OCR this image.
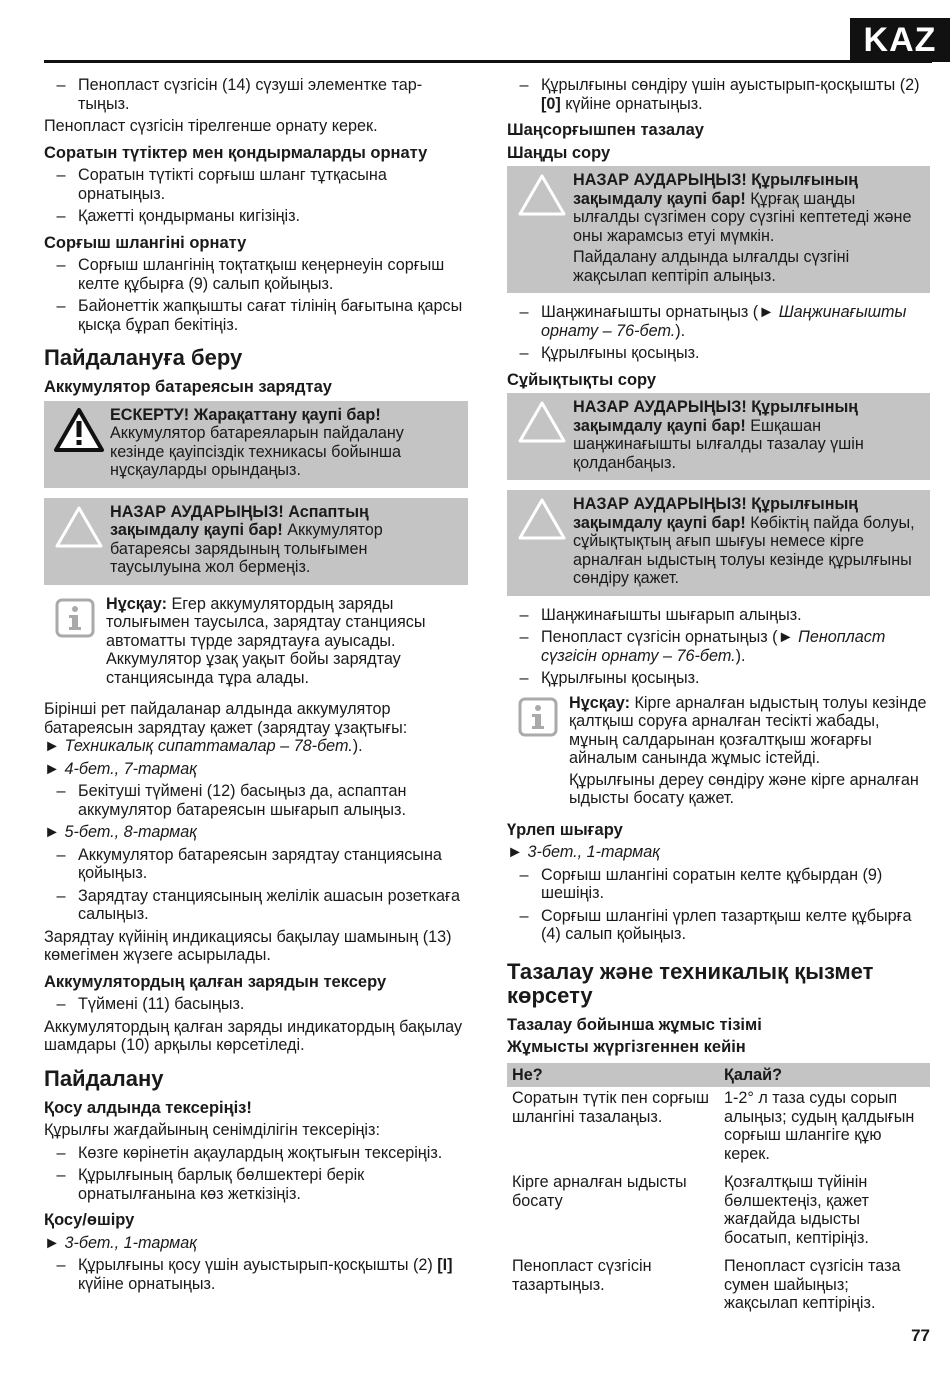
KAZ
– Пенопласт сүзгісін (14) сүзуші элементке тар-тыңыз.

Пенопласт сүзгісін тірелгенше орнату керек.

Соратын түтіктер мен қондырмаларды орнату
– Соратын түтікті сорғыш шланг тұтқасына орнатыңыз.
– Қажетті қондырманы кигізіңіз.
Сорғыш шлангіні орнату
– Сорғыш шлангінің тоқтатқыш кеңернеуін сорғыш келте құбырға (9) салып қойыңыз.
– Байонеттік жапқышты сағат тілінің бағытына қарсы қысқа бұрап бекітіңіз.
Пайдалануға беру
Аккумулятор батареясын зарядтау

ЕСКЕРТУ! Жарақаттану қаупі бар! Аккумулятор батареяларын пайдалану кезінде қауіпсіздік техникасы бойынша нұсқауларды орындаңыз.

НАЗАР АУДАРЫҢЫЗ! Аспаптың зақымдалу қаупі бар! Аккумулятор батареясы зарядының толығымен таусылуына жол бермеңіз.

Нұсқау: Егер аккумулятордың заряды толығымен таусылса, зарядтау станциясы автоматты түрде зарядтауға ауысады. Аккумулятор ұзақ уақыт бойы зарядтау станциясында тұра алады.

Бірінші рет пайдаланар алдында аккумулятор батареясын зарядтау қажет (зарядтау ұзақтығы:
► Техникалық сипаттамалар – 78-бет.).

► 4-бет., 7-тармақ
– Бекітуші түймені (12) басыңыз да, аспаптан аккумулятор батареясын шығарып алыңыз.
► 5-бет., 8-тармақ
– Аккумулятор батареясын зарядтау станциясына қойыңыз.
– Зарядтау станциясының желілік ашасын розеткаға салыңыз.

Зарядтау күйінің индикациясы бақылау шамының (13) көмегімен жүзеге асырылады.

Аккумулятордың қалған зарядын тексеру
– Түймені (11) басыңыз.

Аккумулятордың қалған заряды индикатордың бақылау шамдары (10) арқылы көрсетіледі.

Пайдалану
Қосу алдында тексеріңіз!

Құрылғы жағдайының сенімділігін тексеріңіз:

– Көзге көрінетін ақаулардың жоқтығын тексеріңіз.
– Құрылғының барлық бөлшектері берік орнатылғанына көз жеткізіңіз.
Қосу/өшіру
► 3-бет., 1-тармақ
– Құрылғыны қосу үшін ауыстырып-қосқышты (2) [I] күйіне орнатыңыз.
– Құрылғыны сөндіру үшін ауыстырып-қосқышты (2) [0] күйіне орнатыңыз.
Шаңсорғышпен тазалау
Шаңды сору

НАЗАР АУДАРЫҢЫЗ! Құрылғының зақымдалу қаупі бар! Құрғақ шаңды ылғалды сүзгімен сору сүзгіні кептетеді және оны жарамсыз етуі мүмкін.

Пайдалану алдында ылғалды сүзгіні жақсылап кептіріп алыңыз.

– Шаңжинағышты орнатыңыз (► Шаңжинағышты орнату – 76-бет.).
– Құрылғыны қосыңыз.
Сұйықтықты сору

НАЗАР АУДАРЫҢЫЗ! Құрылғының зақымдалу қаупі бар! Ешқашан шаңжинағышты ылғалды тазалау үшін қолданбаңыз.

НАЗАР АУДАРЫҢЫЗ! Құрылғының зақымдалу қаупі бар! Көбіктің пайда болуы, сұйықтықтың ағып шығуы немесе кірге арналған ыдыстың толуы кезінде құрылғыны сөндіру қажет.

– Шаңжинағышты шығарып алыңыз.
– Пенопласт сүзгісін орнатыңыз (► Пенопласт сүзгісін орнату – 76-бет.).
– Құрылғыны қосыңыз.

Нұсқау: Кірге арналған ыдыстың толуы кезінде қалтқыш соруға арналған тесікті жабады, мұның салдарынан қозғалтқыш жоғарғы айналым санында жұмыс істейді.

Құрылғыны дереу сөндіру және кірге арналған ыдысты босату қажет.

Үрлеп шығару
► 3-бет., 1-тармақ
– Сорғыш шлангіні соратын келте құбырдан (9) шешіңіз.
– Сорғыш шлангіні үрлеп тазартқыш келте құбырға (4) салып қойыңыз.
Тазалау және техникалық қызмет көрсету
Тазалау бойынша жұмыс тізімі
Жұмысты жүргізгеннен кейін
Не?	Қалай?
Соратын түтік пен сорғыш шлангіні тазалаңыз.	1-2° л таза суды сорып алыңыз; судың қалдығын сорғыш шлангіге құю керек.
Кірге арналған ыдысты босату	Қозғалтқыш түйінін бөлшектеңіз, қажет жағдайда ыдысты босатып, кептіріңіз.
Пенопласт сүзгісін тазартыңыз.	Пенопласт сүзгісін таза сумен шайыңыз; жақсылап кептіріңіз.
77
